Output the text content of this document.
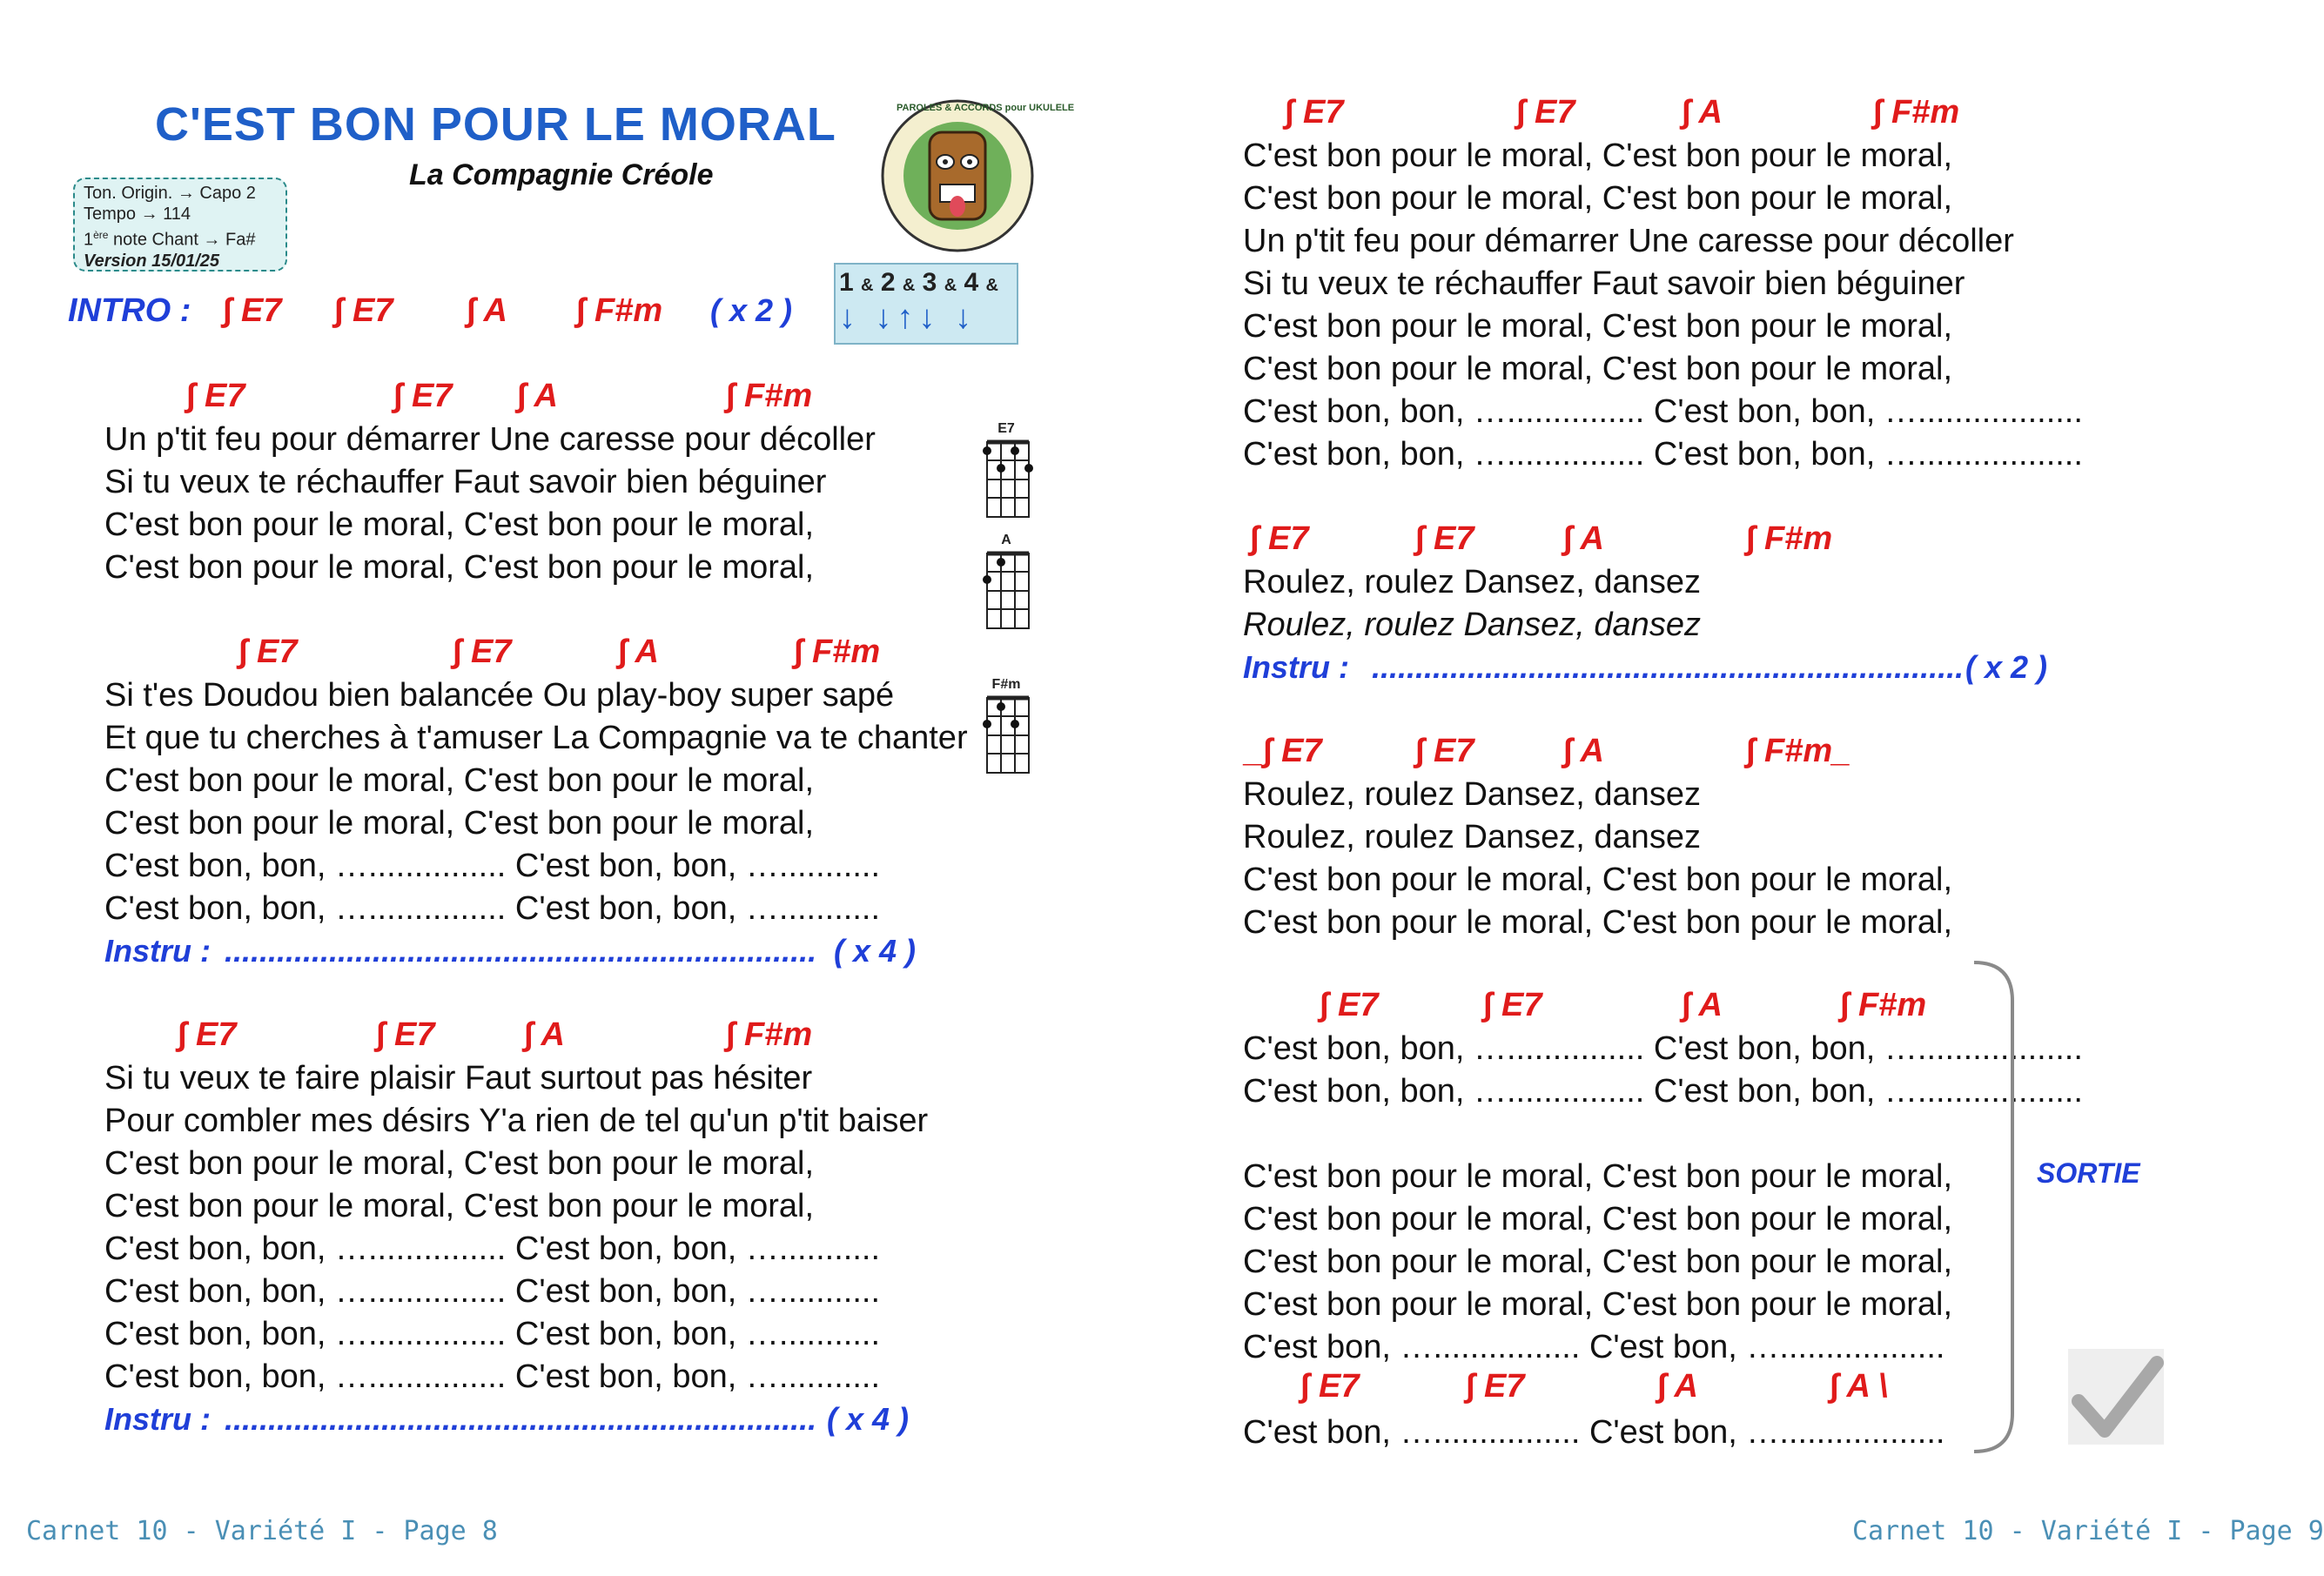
C'EST BON POUR LE MORAL
La Compagnie Créole
PAROLES & ACCORDS pour UKULELE
Ton. Origin. → Capo 2
Tempo → 114
1ère note Chant → Fa#
Version 15/01/25
1 & 2 & 3 & 4 &
↓ ↓↑↓ ↓
INTRO : ∫ E7 ∫ E7 ∫ A ∫ F#m ( x 2 )
E7
A
F#m
∫ E7	∫ E7 ∫ A	∫ F#m
Un p'tit feu pour démarrer Une caresse pour décoller
Si tu veux te réchauffer Faut savoir bien béguiner
C'est bon pour le moral, C'est bon pour le moral,
C'est bon pour le moral, C'est bon pour le moral,
∫ E7	∫ E7	∫ A	∫ F#m
Si t'es Doudou bien balancée Ou play-boy super sapé
Et que tu cherches à t'amuser La Compagnie va te chanter
C'est bon pour le moral, C'est bon pour le moral,
C'est bon pour le moral, C'est bon pour le moral,
C'est bon, bon, …............... C'est bon, bon, …...........
C'est bon, bon, …............... C'est bon, bon, …...........
Instru : .................................................................... ( x 4 )
∫ E7	∫ E7	∫ A	∫ F#m
Si tu veux te faire plaisir Faut surtout pas hésiter
Pour combler mes désirs Y'a rien de tel qu'un p'tit baiser
C'est bon pour le moral, C'est bon pour le moral,
C'est bon pour le moral, C'est bon pour le moral,
C'est bon, bon, …............... C'est bon, bon, …...........
C'est bon, bon, …............... C'est bon, bon, …...........
C'est bon, bon, …............... C'est bon, bon, …...........
C'est bon, bon, …............... C'est bon, bon, …...........
Instru : .................................................................... ( x 4 )
Carnet 10 - Variété I - Page 8
∫ E7	∫ E7	∫ A	∫ F#m
C'est bon pour le moral, C'est bon pour le moral,
C'est bon pour le moral, C'est bon pour le moral,
Un p'tit feu pour démarrer Une caresse pour décoller
Si tu veux te réchauffer Faut savoir bien béguiner
C'est bon pour le moral, C'est bon pour le moral,
C'est bon pour le moral, C'est bon pour le moral,
C'est bon, bon, …............... C'est bon, bon, …..................
C'est bon, bon, …............... C'est bon, bon, …..................
∫ E7	∫ E7	∫ A	∫ F#m
Roulez, roulez Dansez, dansez
Roulez, roulez Dansez, dansez
Instru : .................................................................... ( x 2 )
_∫ E7	∫ E7	∫ A	∫ F#m_
Roulez, roulez Dansez, dansez
Roulez, roulez Dansez, dansez
C'est bon pour le moral, C'est bon pour le moral,
C'est bon pour le moral, C'est bon pour le moral,
∫ E7	∫ E7	∫ A	∫ F#m
C'est bon, bon, …............... C'est bon, bon, …..................
C'est bon, bon, …............... C'est bon, bon, …..................
C'est bon pour le moral, C'est bon pour le moral,
C'est bon pour le moral, C'est bon pour le moral,
C'est bon pour le moral, C'est bon pour le moral,
C'est bon pour le moral, C'est bon pour le moral,
C'est bon, …................ C'est bon, …..................
∫ E7	∫ E7	∫ A	∫ A \
C'est bon, …................ C'est bon, …..................
SORTIE
Carnet 10 - Variété I - Page 9
